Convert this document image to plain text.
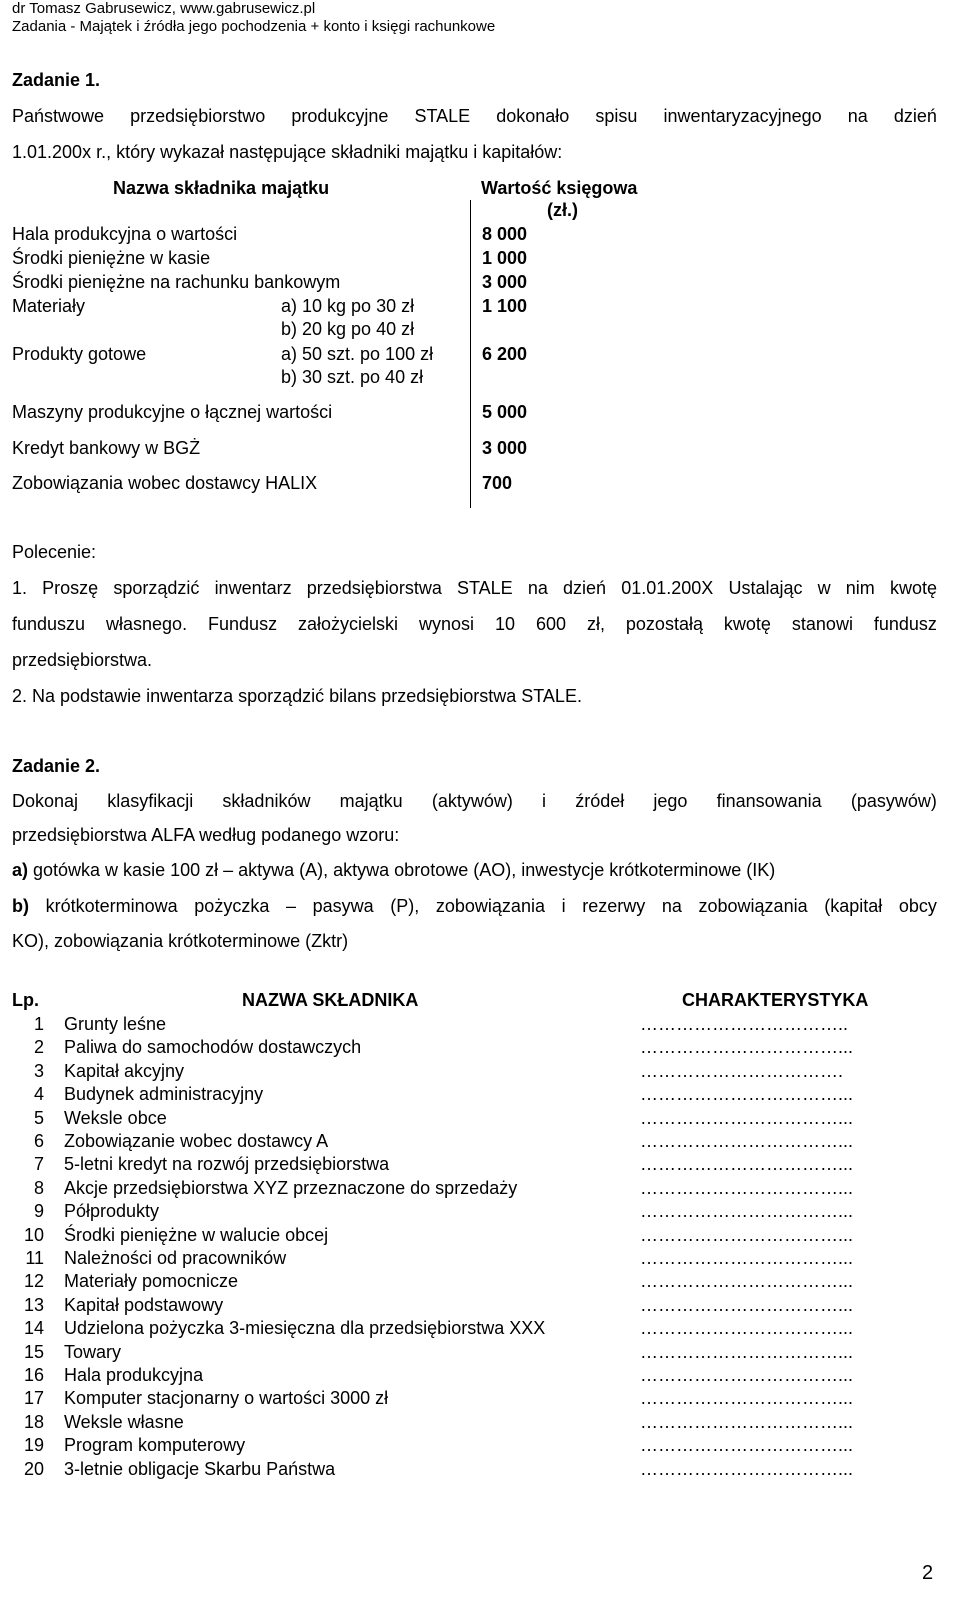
dr Tomasz Gabrusewicz, www.gabrusewicz.pl
Zadania - Majątek i źródła jego pochodzenia + konto i księgi rachunkowe
Zadanie 1.
Państwowe przedsiębiorstwo produkcyjne STALE dokonało spisu inwentaryzacyjnego na dzień
1.01.200x r., który wykazał następujące składniki majątku i kapitałów:
Nazwa składnika majątku	Wartość księgowa
(zł.)
Hala produkcyjna o wartości	8 000
Środki pieniężne w kasie	1 000
Środki pieniężne na rachunku bankowym	3 000
Materiały	1 100
a) 10 kg po 30 zł
b) 20 kg po 40 zł
Produkty gotowe	6 200
a) 50 szt. po 100 zł
b) 30 szt. po 40 zł
Maszyny produkcyjne o łącznej wartości	5 000
Kredyt bankowy w BGŻ	3 000
Zobowiązania wobec dostawcy HALIX	700
Polecenie:
1. Proszę sporządzić inwentarz przedsiębiorstwa STALE na dzień 01.01.200X Ustalając w nim kwotę
funduszu własnego. Fundusz założycielski wynosi 10 600 zł, pozostałą kwotę stanowi fundusz
przedsiębiorstwa.
2. Na podstawie inwentarza sporządzić bilans przedsiębiorstwa STALE.
Zadanie 2.
Dokonaj klasyfikacji składników majątku (aktywów) i źródeł jego finansowania (pasywów)
przedsiębiorstwa ALFA według podanego wzoru:
a) gotówka w kasie 100 zł – aktywa (A), aktywa obrotowe (AO), inwestycje krótkoterminowe (IK)
b) krótkoterminowa pożyczka – pasywa (P), zobowiązania i rezerwy na zobowiązania (kapitał obcy
KO), zobowiązania krótkoterminowe (Zktr)
Lp.	NAZWA SKŁADNIKA	CHARAKTERYSTYKA
1 Grunty leśne	……………………………..
2 Paliwa do samochodów dostawczych	……………………………...
3 Kapitał akcyjny	…………………………….
4 Budynek administracyjny	……………………………...
5 Weksle obce	……………………………...
6 Zobowiązanie wobec dostawcy A	……………………………...
7 5-letni kredyt na rozwój przedsiębiorstwa	……………………………...
8 Akcje przedsiębiorstwa XYZ przeznaczone do sprzedaży	……………………………...
9 Półprodukty	……………………………...
10 Środki pieniężne w walucie obcej	……………………………...
11 Należności od pracowników	……………………………...
12 Materiały pomocnicze	……………………………...
13 Kapitał podstawowy	……………………………...
14 Udzielona pożyczka 3-miesięczna dla przedsiębiorstwa XXX	……………………………...
15 Towary	……………………………...
16 Hala produkcyjna	……………………………...
17 Komputer stacjonarny o wartości 3000 zł	……………………………...
18 Weksle własne	……………………………...
19 Program komputerowy	……………………………...
20 3-letnie obligacje Skarbu Państwa	……………………………...
2
